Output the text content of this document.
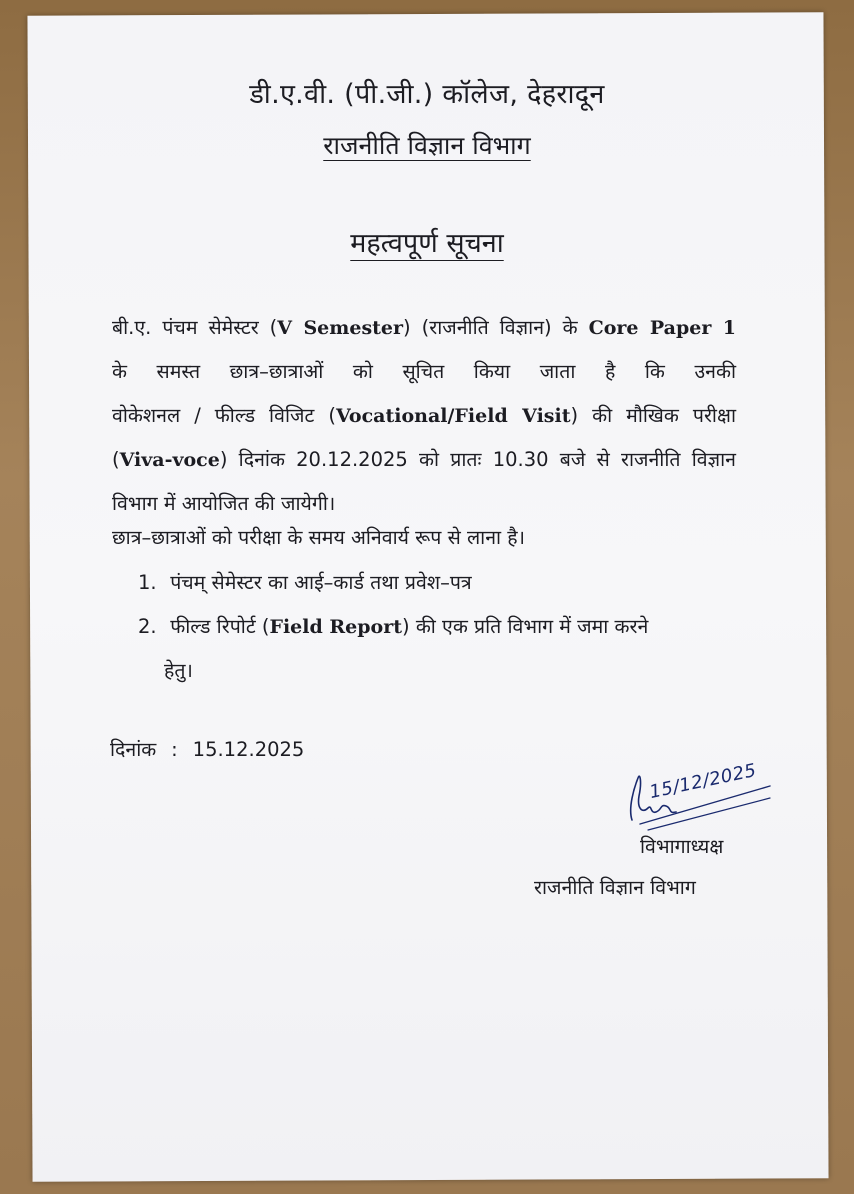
डी.ए.वी. (पी.जी.) कॉलेज, देहरादून
राजनीति विज्ञान विभाग
महत्वपूर्ण सूचना
बी.ए. पंचम सेमेस्टर (V Semester) (राजनीति विज्ञान) के Core Paper 1
के समस्त छात्र–छात्राओं को सूचित किया जाता है कि उनकी
वोकेशनल / फील्ड विजिट (Vocational/Field Visit) की मौखिक परीक्षा
(Viva-voce) दिनांक 20.12.2025 को प्रातः 10.30 बजे से राजनीति विज्ञान
विभाग में आयोजित की जायेगी।
छात्र–छात्राओं को परीक्षा के समय अनिवार्य रूप से लाना है।
1. पंचम् सेमेस्टर का आई–कार्ड तथा प्रवेश–पत्र
2. फील्ड रिपोर्ट (Field Report) की एक प्रति विभाग में जमा करने
हेतु।
दिनांक : 15.12.2025
15/12/2025
विभागाध्यक्ष
राजनीति विज्ञान विभाग
